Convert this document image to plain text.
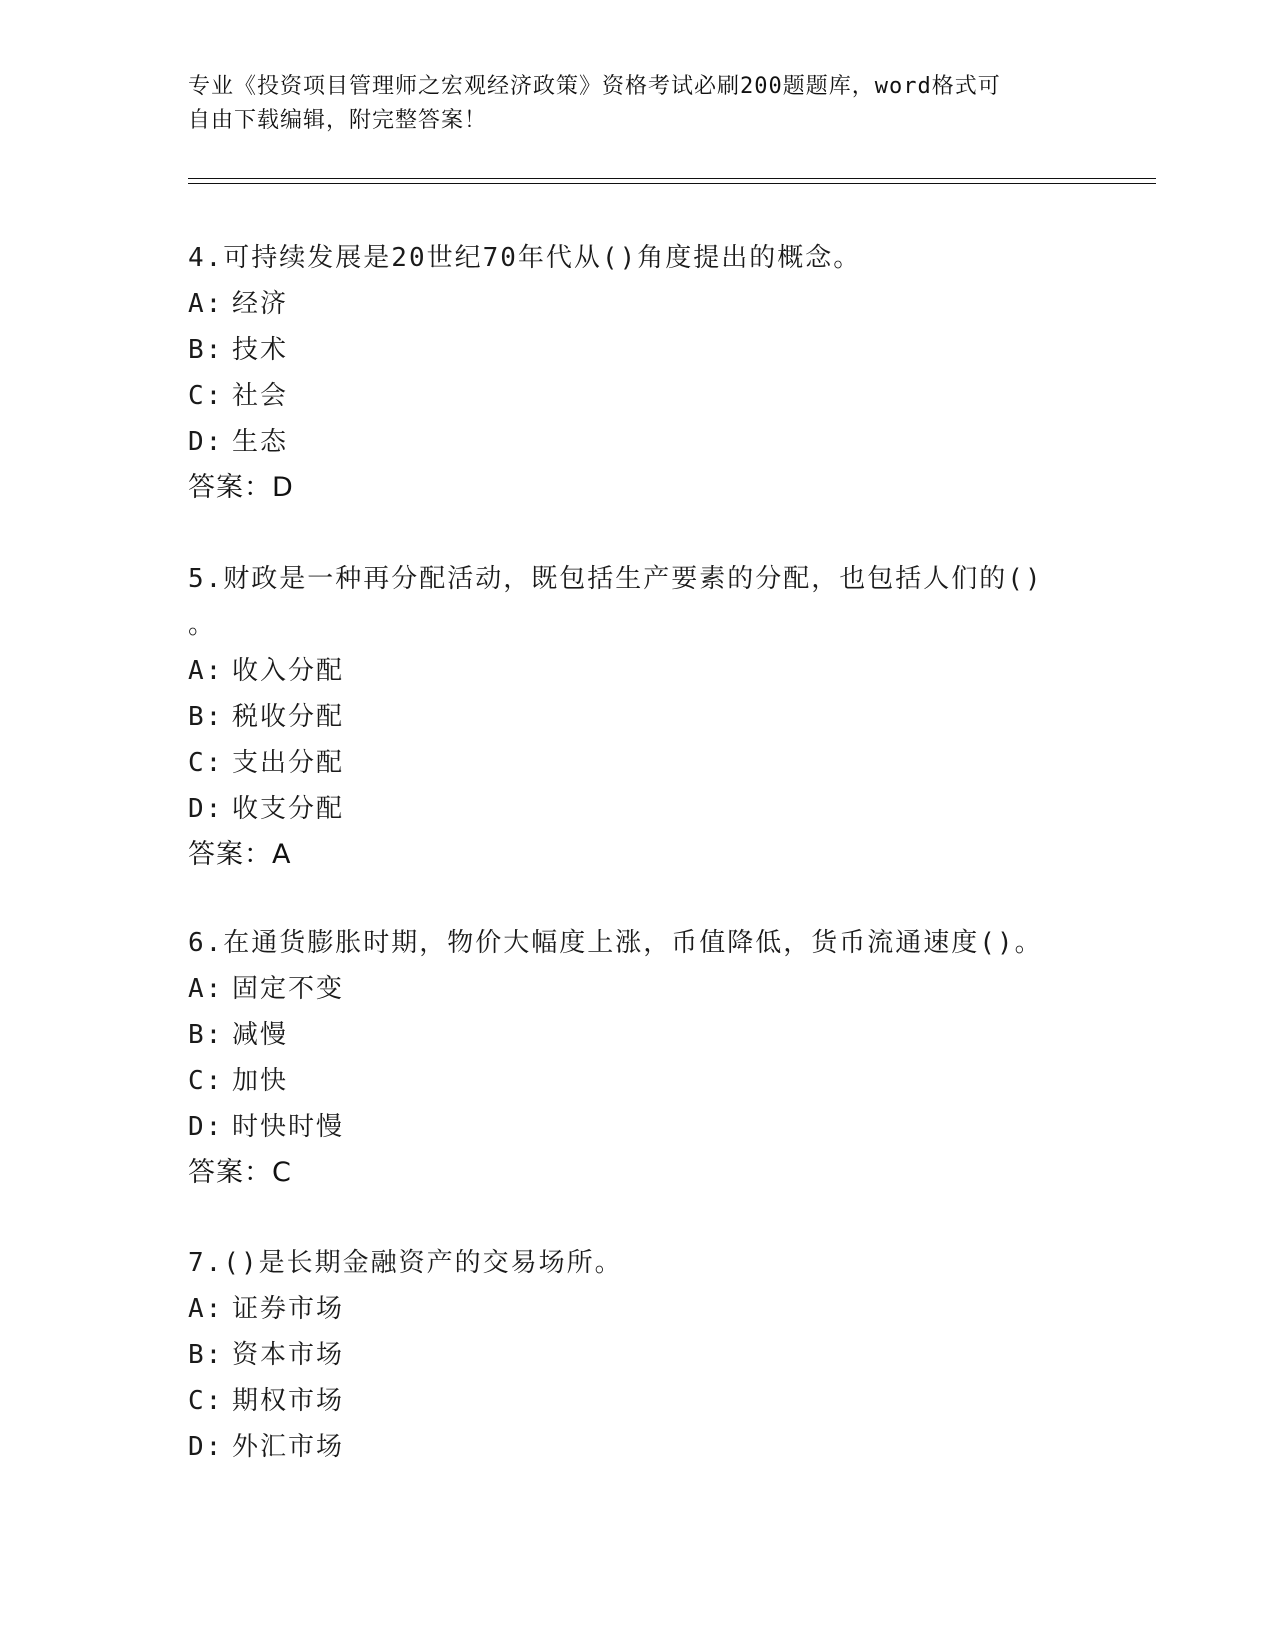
专业《投资项目管理师之宏观经济政策》资格考试必刷200题题库，word格式可
自由下载编辑，附完整答案！
4.可持续发展是20世纪70年代从()角度提出的概念。
A: 经济
B: 技术
C: 社会
D: 生态
答案：D
5.财政是一种再分配活动，既包括生产要素的分配，也包括人们的()
。
A: 收入分配
B: 税收分配
C: 支出分配
D: 收支分配
答案：A
6.在通货膨胀时期，物价大幅度上涨，币值降低，货币流通速度()。
A: 固定不变
B: 减慢
C: 加快
D: 时快时慢
答案：C
7.()是长期金融资产的交易场所。
A: 证券市场
B: 资本市场
C: 期权市场
D: 外汇市场
